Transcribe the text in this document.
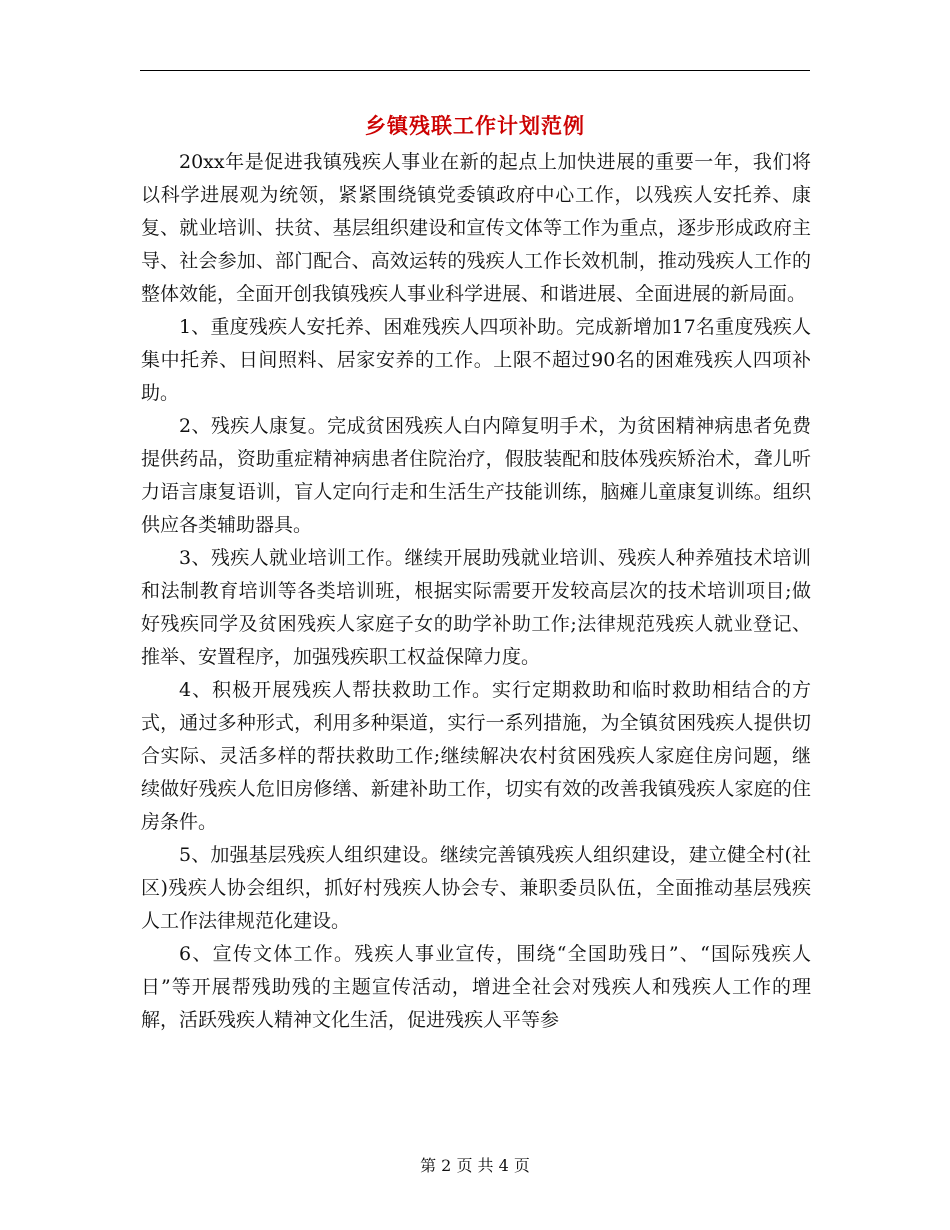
乡镇残联工作计划范例

20xx年是促进我镇残疾人事业在新的起点上加快进展的重要一年，我们将以科学进展观为统领，紧紧围绕镇党委镇政府中心工作，以残疾人安托养、康复、就业培训、扶贫、基层组织建设和宣传文体等工作为重点，逐步形成政府主导、社会参加、部门配合、高效运转的残疾人工作长效机制，推动残疾人工作的整体效能，全面开创我镇残疾人事业科学进展、和谐进展、全面进展的新局面。

1、重度残疾人安托养、困难残疾人四项补助。完成新增加17名重度残疾人集中托养、日间照料、居家安养的工作。上限不超过90名的困难残疾人四项补助。

2、残疾人康复。完成贫困残疾人白内障复明手术，为贫困精神病患者免费提供药品，资助重症精神病患者住院治疗，假肢装配和肢体残疾矫治术，聋儿听力语言康复语训，盲人定向行走和生活生产技能训练，脑瘫儿童康复训练。组织供应各类辅助器具。

3、残疾人就业培训工作。继续开展助残就业培训、残疾人种养殖技术培训和法制教育培训等各类培训班，根据实际需要开发较高层次的技术培训项目;做好残疾同学及贫困残疾人家庭子女的助学补助工作;法律规范残疾人就业登记、推举、安置程序，加强残疾职工权益保障力度。

4、积极开展残疾人帮扶救助工作。实行定期救助和临时救助相结合的方式，通过多种形式，利用多种渠道，实行一系列措施，为全镇贫困残疾人提供切合实际、灵活多样的帮扶救助工作;继续解决农村贫困残疾人家庭住房问题，继续做好残疾人危旧房修缮、新建补助工作，切实有效的改善我镇残疾人家庭的住房条件。

5、加强基层残疾人组织建设。继续完善镇残疾人组织建设，建立健全村(社区)残疾人协会组织，抓好村残疾人协会专、兼职委员队伍，全面推动基层残疾人工作法律规范化建设。

6、宣传文体工作。残疾人事业宣传，围绕“全国助残日”、“国际残疾人日”等开展帮残助残的主题宣传活动，增进全社会对残疾人和残疾人工作的理解，活跃残疾人精神文化生活，促进残疾人平等参

第 2 页 共 4 页
